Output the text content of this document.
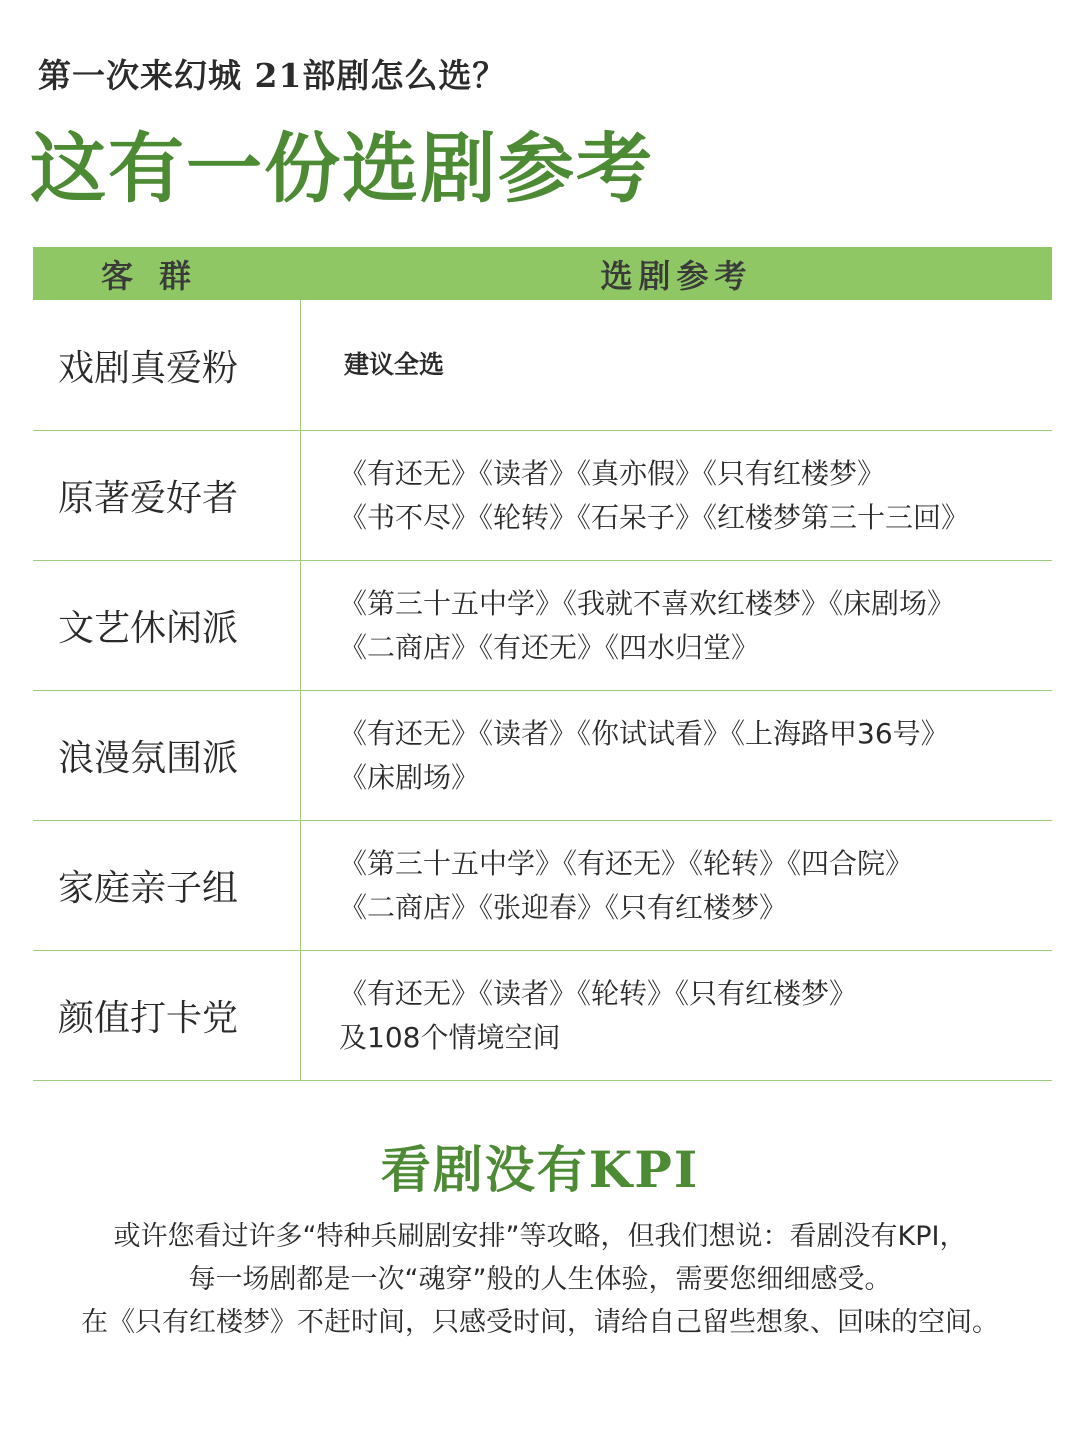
第一次来幻城 21部剧怎么选？
这有一份选剧参考
客群	选剧参考
戏剧真爱粉	建议全选
原著爱好者
《有还无》《读者》《真亦假》《只有红楼梦》
《书不尽》《轮转》《石呆子》《红楼梦第三十三回》
文艺休闲派
《第三十五中学》《我就不喜欢红楼梦》《床剧场》
《二商店》《有还无》《四水归堂》
浪漫氛围派
《有还无》《读者》《你试试看》《上海路甲36号》
《床剧场》
家庭亲子组
《第三十五中学》《有还无》《轮转》《四合院》
《二商店》《张迎春》《只有红楼梦》
颜值打卡党
《有还无》《读者》《轮转》《只有红楼梦》
及108个情境空间
看剧没有KPI
或许您看过许多“特种兵刷剧安排”等攻略，但我们想说：看剧没有KPI，
每一场剧都是一次“魂穿”般的人生体验，需要您细细感受。
在《只有红楼梦》不赶时间，只感受时间，请给自己留些想象、回味的空间。
